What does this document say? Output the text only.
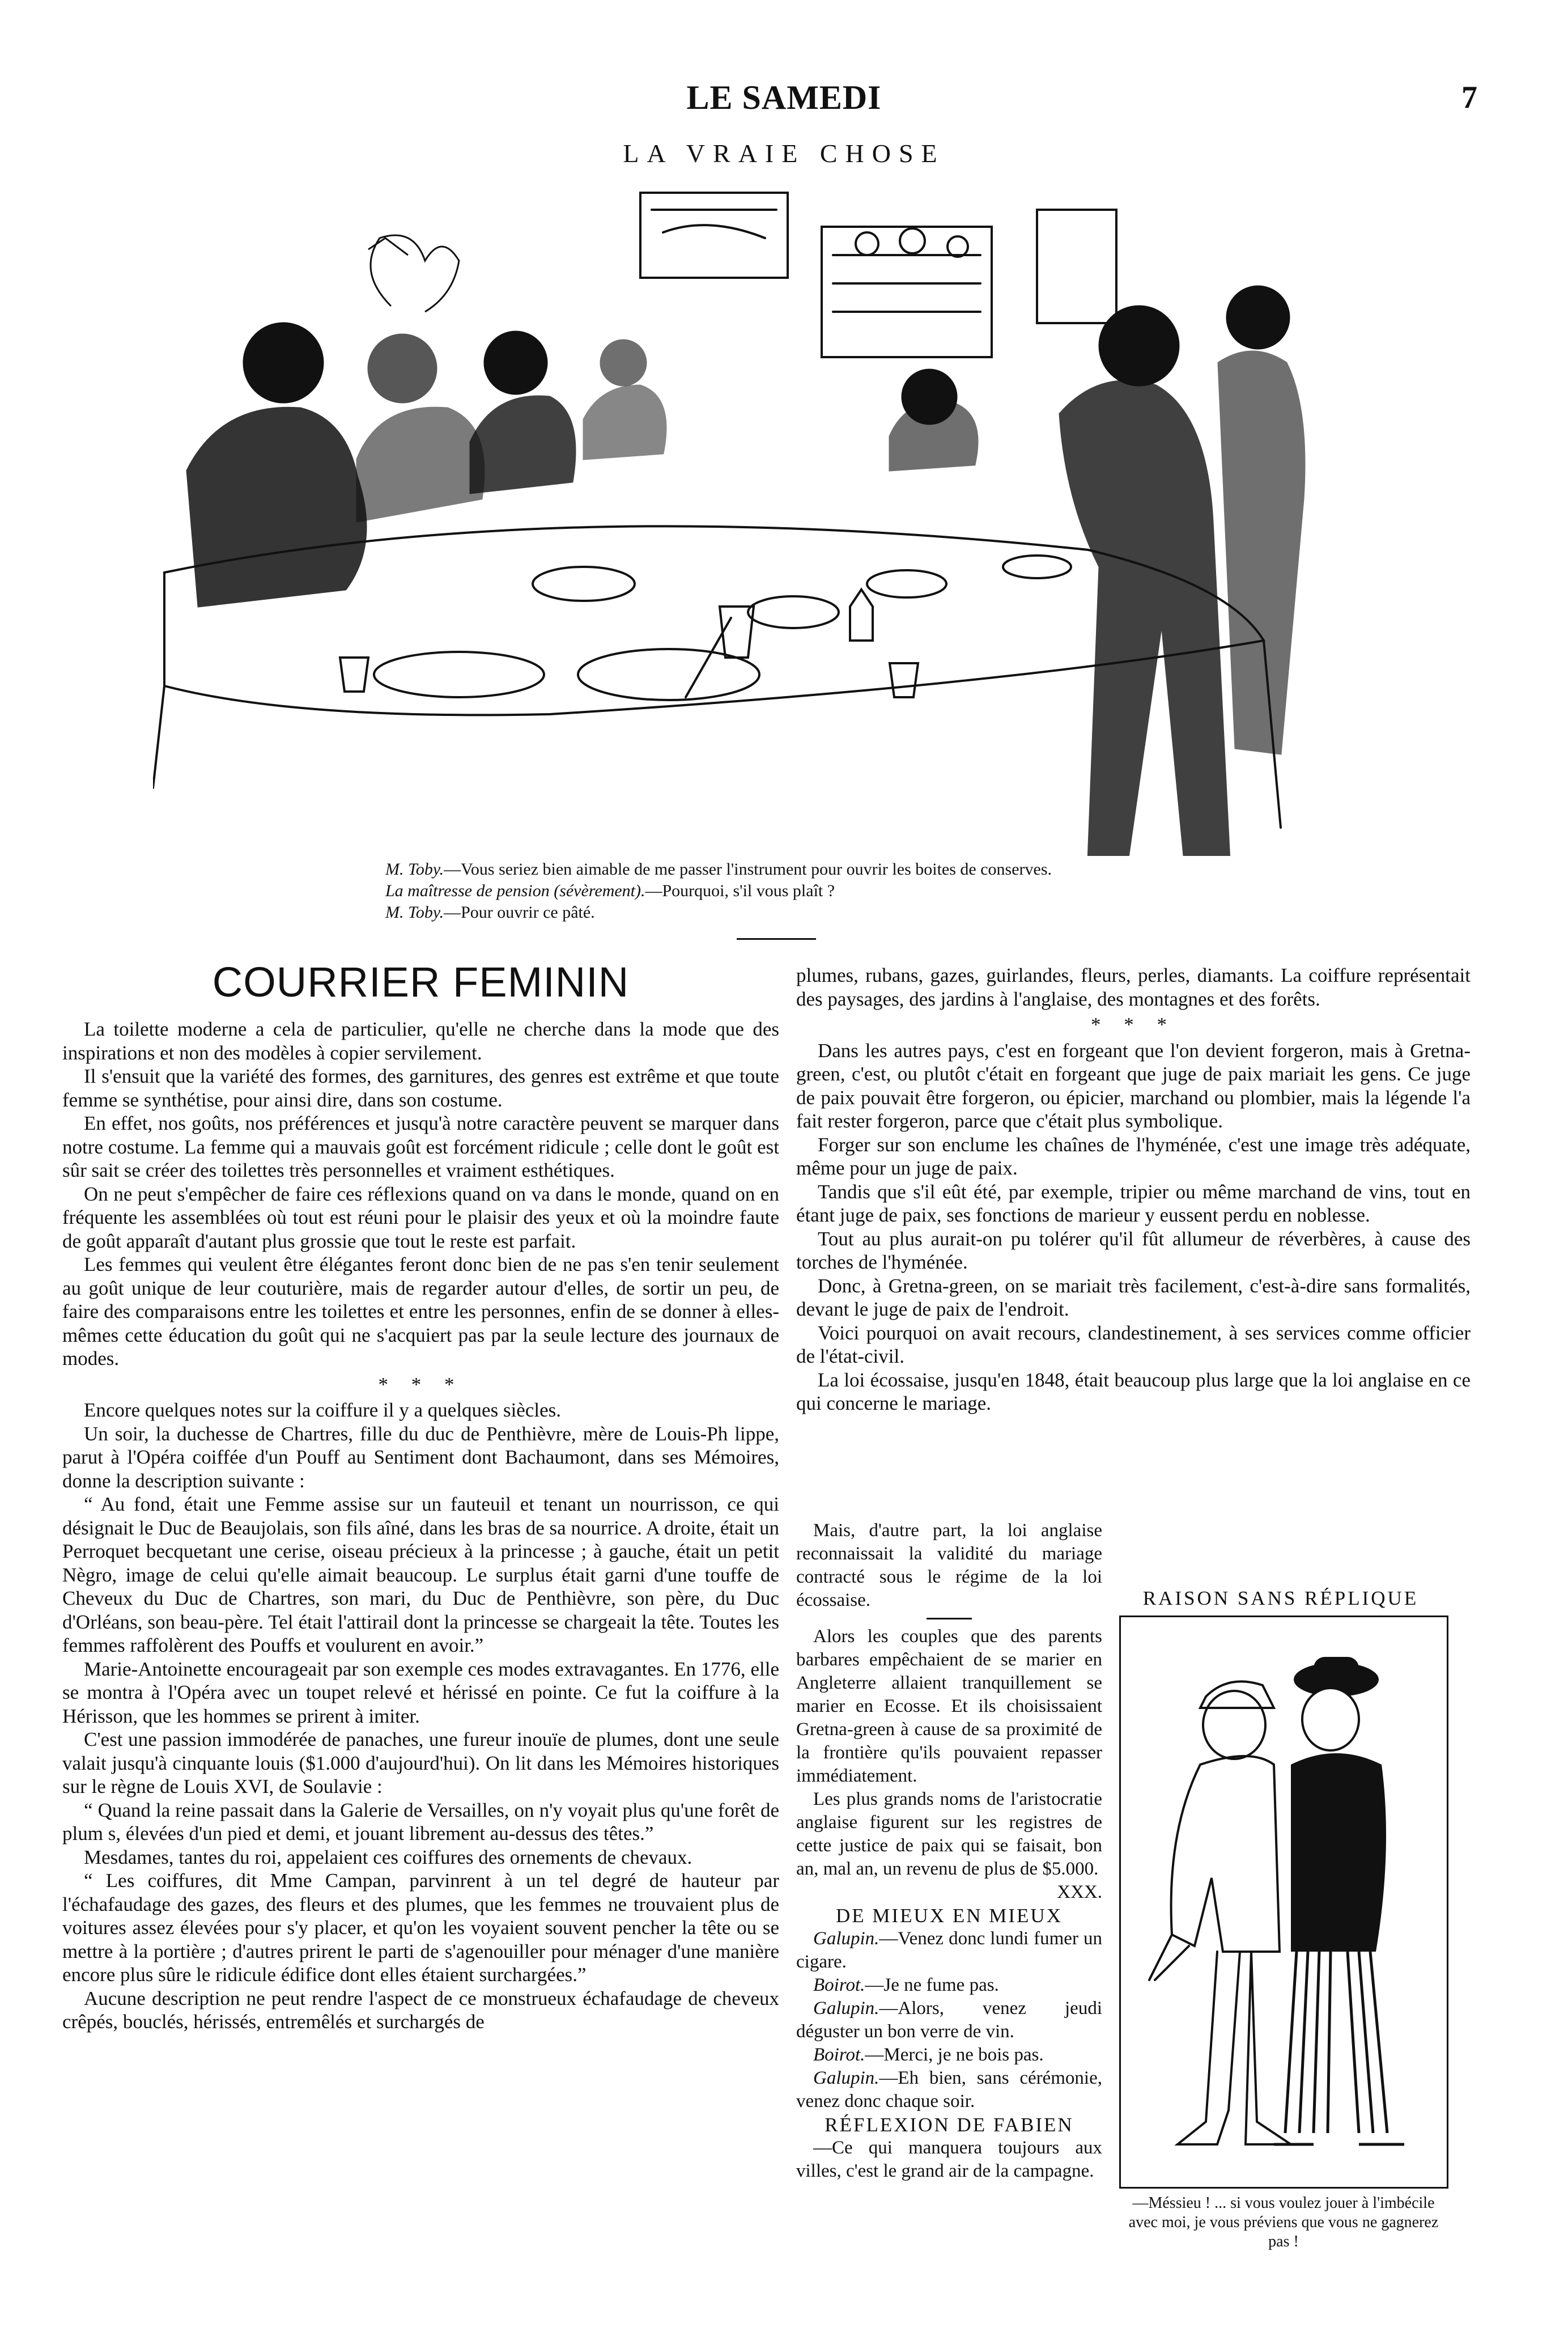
LE SAMEDI	7
LA VRAIE CHOSE
M. Toby.—Vous seriez bien aimable de me passer l'instrument pour ouvrir les boites de conserves.
La maîtresse de pension (sévèrement).—Pourquoi, s'il vous plaît ?
M. Toby.—Pour ouvrir ce pâté.
COURRIER FEMININ

La toilette moderne a cela de particulier, qu'elle ne cherche dans la mode que des inspirations et non des modèles à copier servilement.

Il s'ensuit que la variété des formes, des garnitures, des genres est extrême et que toute femme se synthétise, pour ainsi dire, dans son costume.

En effet, nos goûts, nos préférences et jusqu'à notre caractère peuvent se marquer dans notre costume. La femme qui a mauvais goût est forcément ridicule ; celle dont le goût est sûr sait se créer des toilettes très personnelles et vraiment esthétiques.

On ne peut s'empêcher de faire ces réflexions quand on va dans le monde, quand on en fréquente les assemblées où tout est réuni pour le plaisir des yeux et où la moindre faute de goût apparaît d'autant plus grossie que tout le reste est parfait.

Les femmes qui veulent être élégantes feront donc bien de ne pas s'en tenir seulement au goût unique de leur couturière, mais de regarder autour d'elles, de sortir un peu, de faire des comparaisons entre les toilettes et entre les personnes, enfin de se donner à elles-mêmes cette éducation du goût qui ne s'acquiert pas par la seule lecture des journaux de modes.

* * *

Encore quelques notes sur la coiffure il y a quelques siècles.

Un soir, la duchesse de Chartres, fille du duc de Penthièvre, mère de Louis-Ph lippe, parut à l'Opéra coiffée d'un Pouff au Sentiment dont Bachaumont, dans ses Mémoires, donne la description suivante :

“ Au fond, était une Femme assise sur un fauteuil et tenant un nourrisson, ce qui désignait le Duc de Beaujolais, son fils aîné, dans les bras de sa nourrice. A droite, était un Perroquet becquetant une cerise, oiseau précieux à la princesse ; à gauche, était un petit Nègro, image de celui qu'elle aimait beaucoup. Le surplus était garni d'une touffe de Cheveux du Duc de Chartres, son mari, du Duc de Penthièvre, son père, du Duc d'Orléans, son beau-père. Tel était l'attirail dont la princesse se chargeait la tête. Toutes les femmes raffolèrent des Pouffs et voulurent en avoir.”

Marie-Antoinette encourageait par son exemple ces modes extravagantes. En 1776, elle se montra à l'Opéra avec un toupet relevé et hérissé en pointe. Ce fut la coiffure à la Hérisson, que les hommes se prirent à imiter.

C'est une passion immodérée de panaches, une fureur inouïe de plumes, dont une seule valait jusqu'à cinquante louis ($1.000 d'aujourd'hui). On lit dans les Mémoires historiques sur le règne de Louis XVI, de Soulavie :

“ Quand la reine passait dans la Galerie de Versailles, on n'y voyait plus qu'une forêt de plum s, élevées d'un pied et demi, et jouant librement au-dessus des têtes.”

Mesdames, tantes du roi, appelaient ces coiffures des ornements de chevaux.

“ Les coiffures, dit Mme Campan, parvinrent à un tel degré de hauteur par l'échafaudage des gazes, des fleurs et des plumes, que les femmes ne trouvaient plus de voitures assez élevées pour s'y placer, et qu'on les voyaient souvent pencher la tête ou se mettre à la portière ; d'autres prirent le parti de s'agenouiller pour ménager d'une manière encore plus sûre le ridicule édifice dont elles étaient surchargées.”

Aucune description ne peut rendre l'aspect de ce monstrueux échafaudage de cheveux crêpés, bouclés, hérissés, entremêlés et surchargés de

plumes, rubans, gazes, guirlandes, fleurs, perles, diamants. La coiffure représentait des paysages, des jardins à l'anglaise, des montagnes et des forêts.

* * *

Dans les autres pays, c'est en forgeant que l'on devient forgeron, mais à Gretna-green, c'est, ou plutôt c'était en forgeant que juge de paix mariait les gens. Ce juge de paix pouvait être forgeron, ou épicier, marchand ou plombier, mais la légende l'a fait rester forgeron, parce que c'était plus symbolique.

Forger sur son enclume les chaînes de l'hyménée, c'est une image très adéquate, même pour un juge de paix.

Tandis que s'il eût été, par exemple, tripier ou même marchand de vins, tout en étant juge de paix, ses fonctions de marieur y eussent perdu en noblesse.

Tout au plus aurait-on pu tolérer qu'il fût allumeur de réverbères, à cause des torches de l'hyménée.

Donc, à Gretna-green, on se mariait très facilement, c'est-à-dire sans formalités, devant le juge de paix de l'endroit.

Voici pourquoi on avait recours, clandestinement, à ses services comme officier de l'état-civil.

La loi écossaise, jusqu'en 1848, était beaucoup plus large que la loi anglaise en ce qui concerne le mariage.

Mais, d'autre part, la loi anglaise reconnaissait la validité du mariage contracté sous le régime de la loi écossaise.

Alors les couples que des parents barbares empêchaient de se marier en Angleterre allaient tranquillement se marier en Ecosse. Et ils choisissaient Gretna-green à cause de sa proximité de la frontière qu'ils pouvaient repasser immédiatement.

Les plus grands noms de l'aristocratie anglaise figurent sur les registres de cette justice de paix qui se faisait, bon an, mal an, un revenu de plus de $5.000.

XXX.

DE MIEUX EN MIEUX

Galupin.—Venez donc lundi fumer un cigare.

Boirot.—Je ne fume pas.

Galupin.—Alors, venez jeudi déguster un bon verre de vin.

Boirot.—Merci, je ne bois pas.

Galupin.—Eh bien, sans cérémonie, venez donc chaque soir.

RÉFLEXION DE FABIEN

—Ce qui manquera toujours aux villes, c'est le grand air de la campagne.

RAISON SANS RÉPLIQUE
—Méssieu ! ... si vous voulez jouer à l'imbécile avec moi, je vous préviens que vous ne gagnerez pas !
